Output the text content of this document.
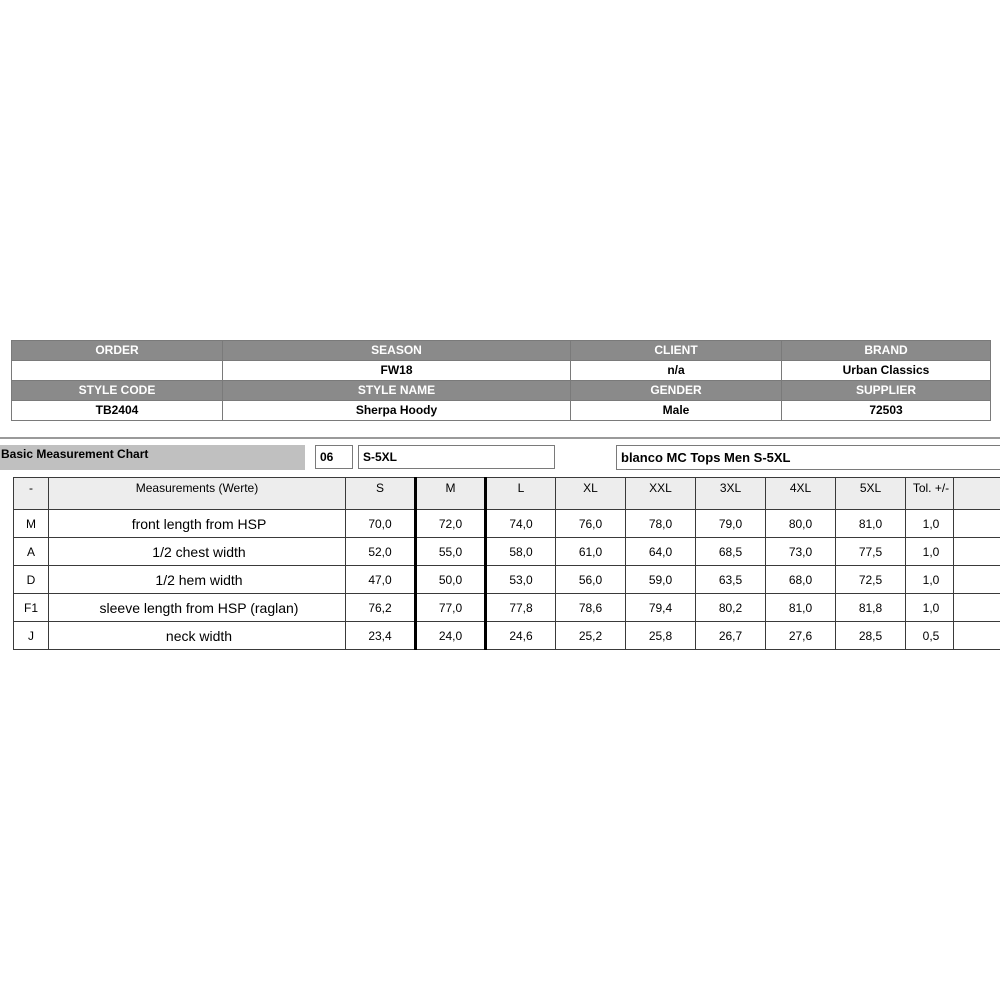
ORDER	SEASON	CLIENT	BRAND
	FW18	n/a	Urban Classics
STYLE CODE	STYLE NAME	GENDER	SUPPLIER
TB2404	Sherpa Hoody	Male	72503
Basic Measurement Chart	06	S-5XL	blanco MC Tops Men S-5XL
-	Measurements (Werte)	S	M	L	XL	XXL	3XL	4XL	5XL	Tol. +/-	
M	front length from HSP	70,0	72,0	74,0	76,0	78,0	79,0	80,0	81,0	1,0	
A	1/2 chest width	52,0	55,0	58,0	61,0	64,0	68,5	73,0	77,5	1,0	
D	1/2 hem width	47,0	50,0	53,0	56,0	59,0	63,5	68,0	72,5	1,0	
F1	sleeve length from HSP (raglan)	76,2	77,0	77,8	78,6	79,4	80,2	81,0	81,8	1,0	
J	neck width	23,4	24,0	24,6	25,2	25,8	26,7	27,6	28,5	0,5	
